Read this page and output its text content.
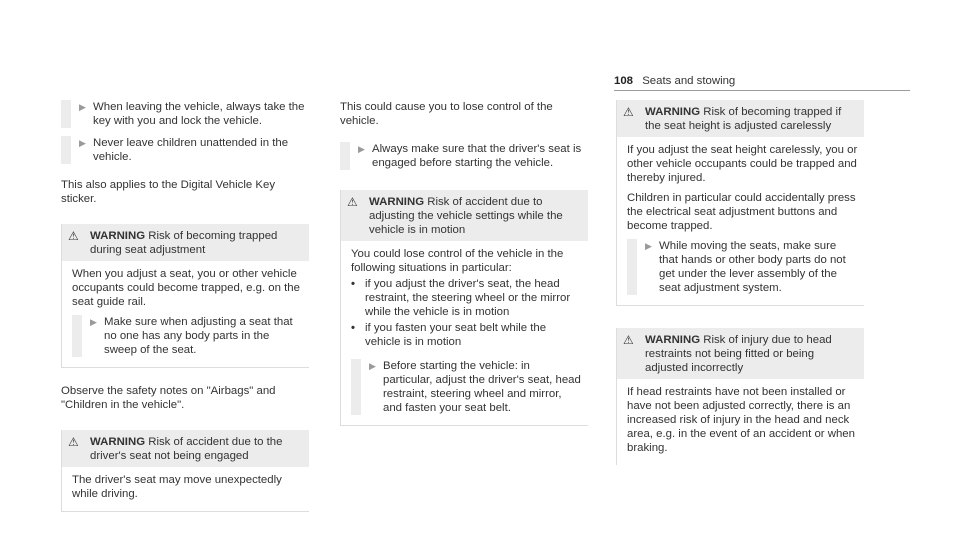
108 Seats and stowing
▶ When leaving the vehicle, always take the key with you and lock the vehicle.
▶ Never leave children unattended in the vehicle.

This also applies to the Digital Vehicle Key sticker.

⚠ WARNING Risk of becoming trapped during seat adjustment

When you adjust a seat, you or other vehicle occupants could become trapped, e.g. on the seat guide rail.

▶ Make sure when adjusting a seat that no one has any body parts in the sweep of the seat.

Observe the safety notes on "Airbags" and "Children in the vehicle".

⚠ WARNING Risk of accident due to the driver's seat not being engaged

The driver's seat may move unexpectedly while driving.

This could cause you to lose control of the vehicle.

▶ Always make sure that the driver's seat is engaged before starting the vehicle.
⚠ WARNING Risk of accident due to adjusting the vehicle settings while the vehicle is in motion

You could lose control of the vehicle in the following situations in particular:

• if you adjust the driver's seat, the head restraint, the steering wheel or the mirror while the vehicle is in motion
• if you fasten your seat belt while the vehicle is in motion
▶ Before starting the vehicle: in particular, adjust the driver's seat, head restraint, steering wheel and mirror, and fasten your seat belt.
⚠ WARNING Risk of becoming trapped if the seat height is adjusted carelessly

If you adjust the seat height carelessly, you or other vehicle occupants could be trapped and thereby injured.

Children in particular could accidentally press the electrical seat adjustment buttons and become trapped.

▶ While moving the seats, make sure that hands or other body parts do not get under the lever assembly of the seat adjustment system.
⚠ WARNING Risk of injury due to head restraints not being fitted or being adjusted incorrectly

If head restraints have not been installed or have not been adjusted correctly, there is an increased risk of injury in the head and neck area, e.g. in the event of an accident or when braking.
